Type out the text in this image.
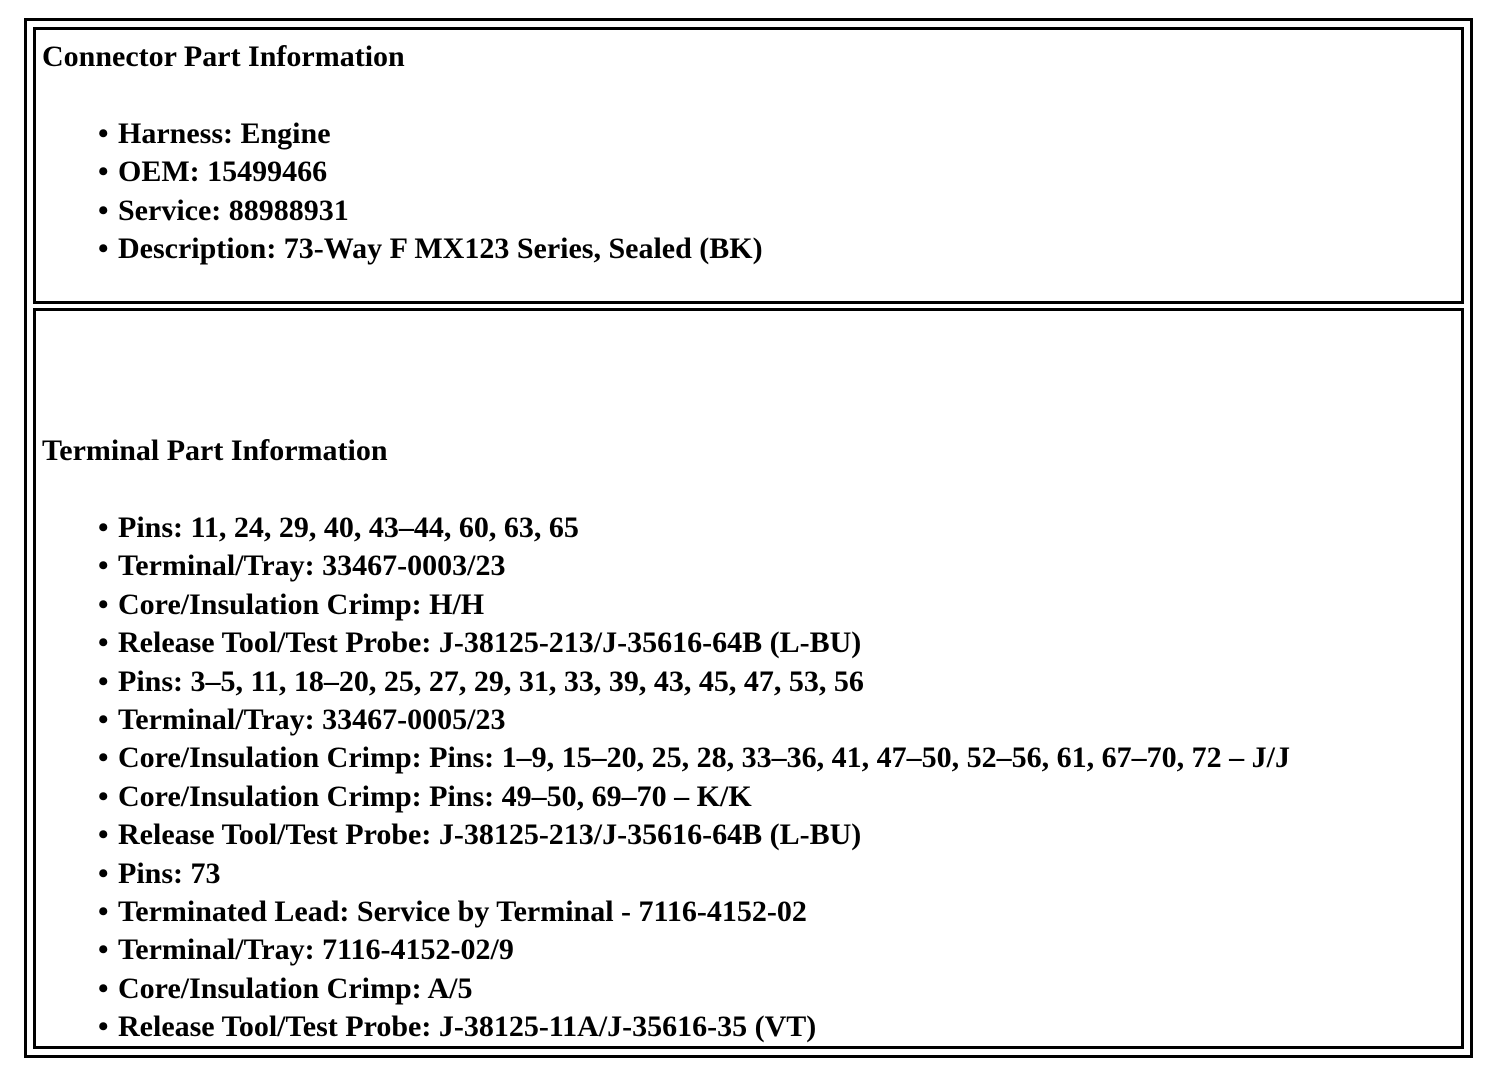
Connector Part Information
• Harness: Engine
• OEM: 15499466
• Service: 88988931
• Description: 73-Way F MX123 Series, Sealed (BK)
Terminal Part Information
• Pins: 11, 24, 29, 40, 43–44, 60, 63, 65
• Terminal/Tray: 33467-0003/23
• Core/Insulation Crimp: H/H
• Release Tool/Test Probe: J-38125-213/J-35616-64B (L-BU)
• Pins: 3–5, 11, 18–20, 25, 27, 29, 31, 33, 39, 43, 45, 47, 53, 56
• Terminal/Tray: 33467-0005/23
• Core/Insulation Crimp: Pins: 1–9, 15–20, 25, 28, 33–36, 41, 47–50, 52–56, 61, 67–70, 72 – J/J
• Core/Insulation Crimp: Pins: 49–50, 69–70 – K/K
• Release Tool/Test Probe: J-38125-213/J-35616-64B (L-BU)
• Pins: 73
• Terminated Lead: Service by Terminal - 7116-4152-02
• Terminal/Tray: 7116-4152-02/9
• Core/Insulation Crimp: A/5
• Release Tool/Test Probe: J-38125-11A/J-35616-35 (VT)
